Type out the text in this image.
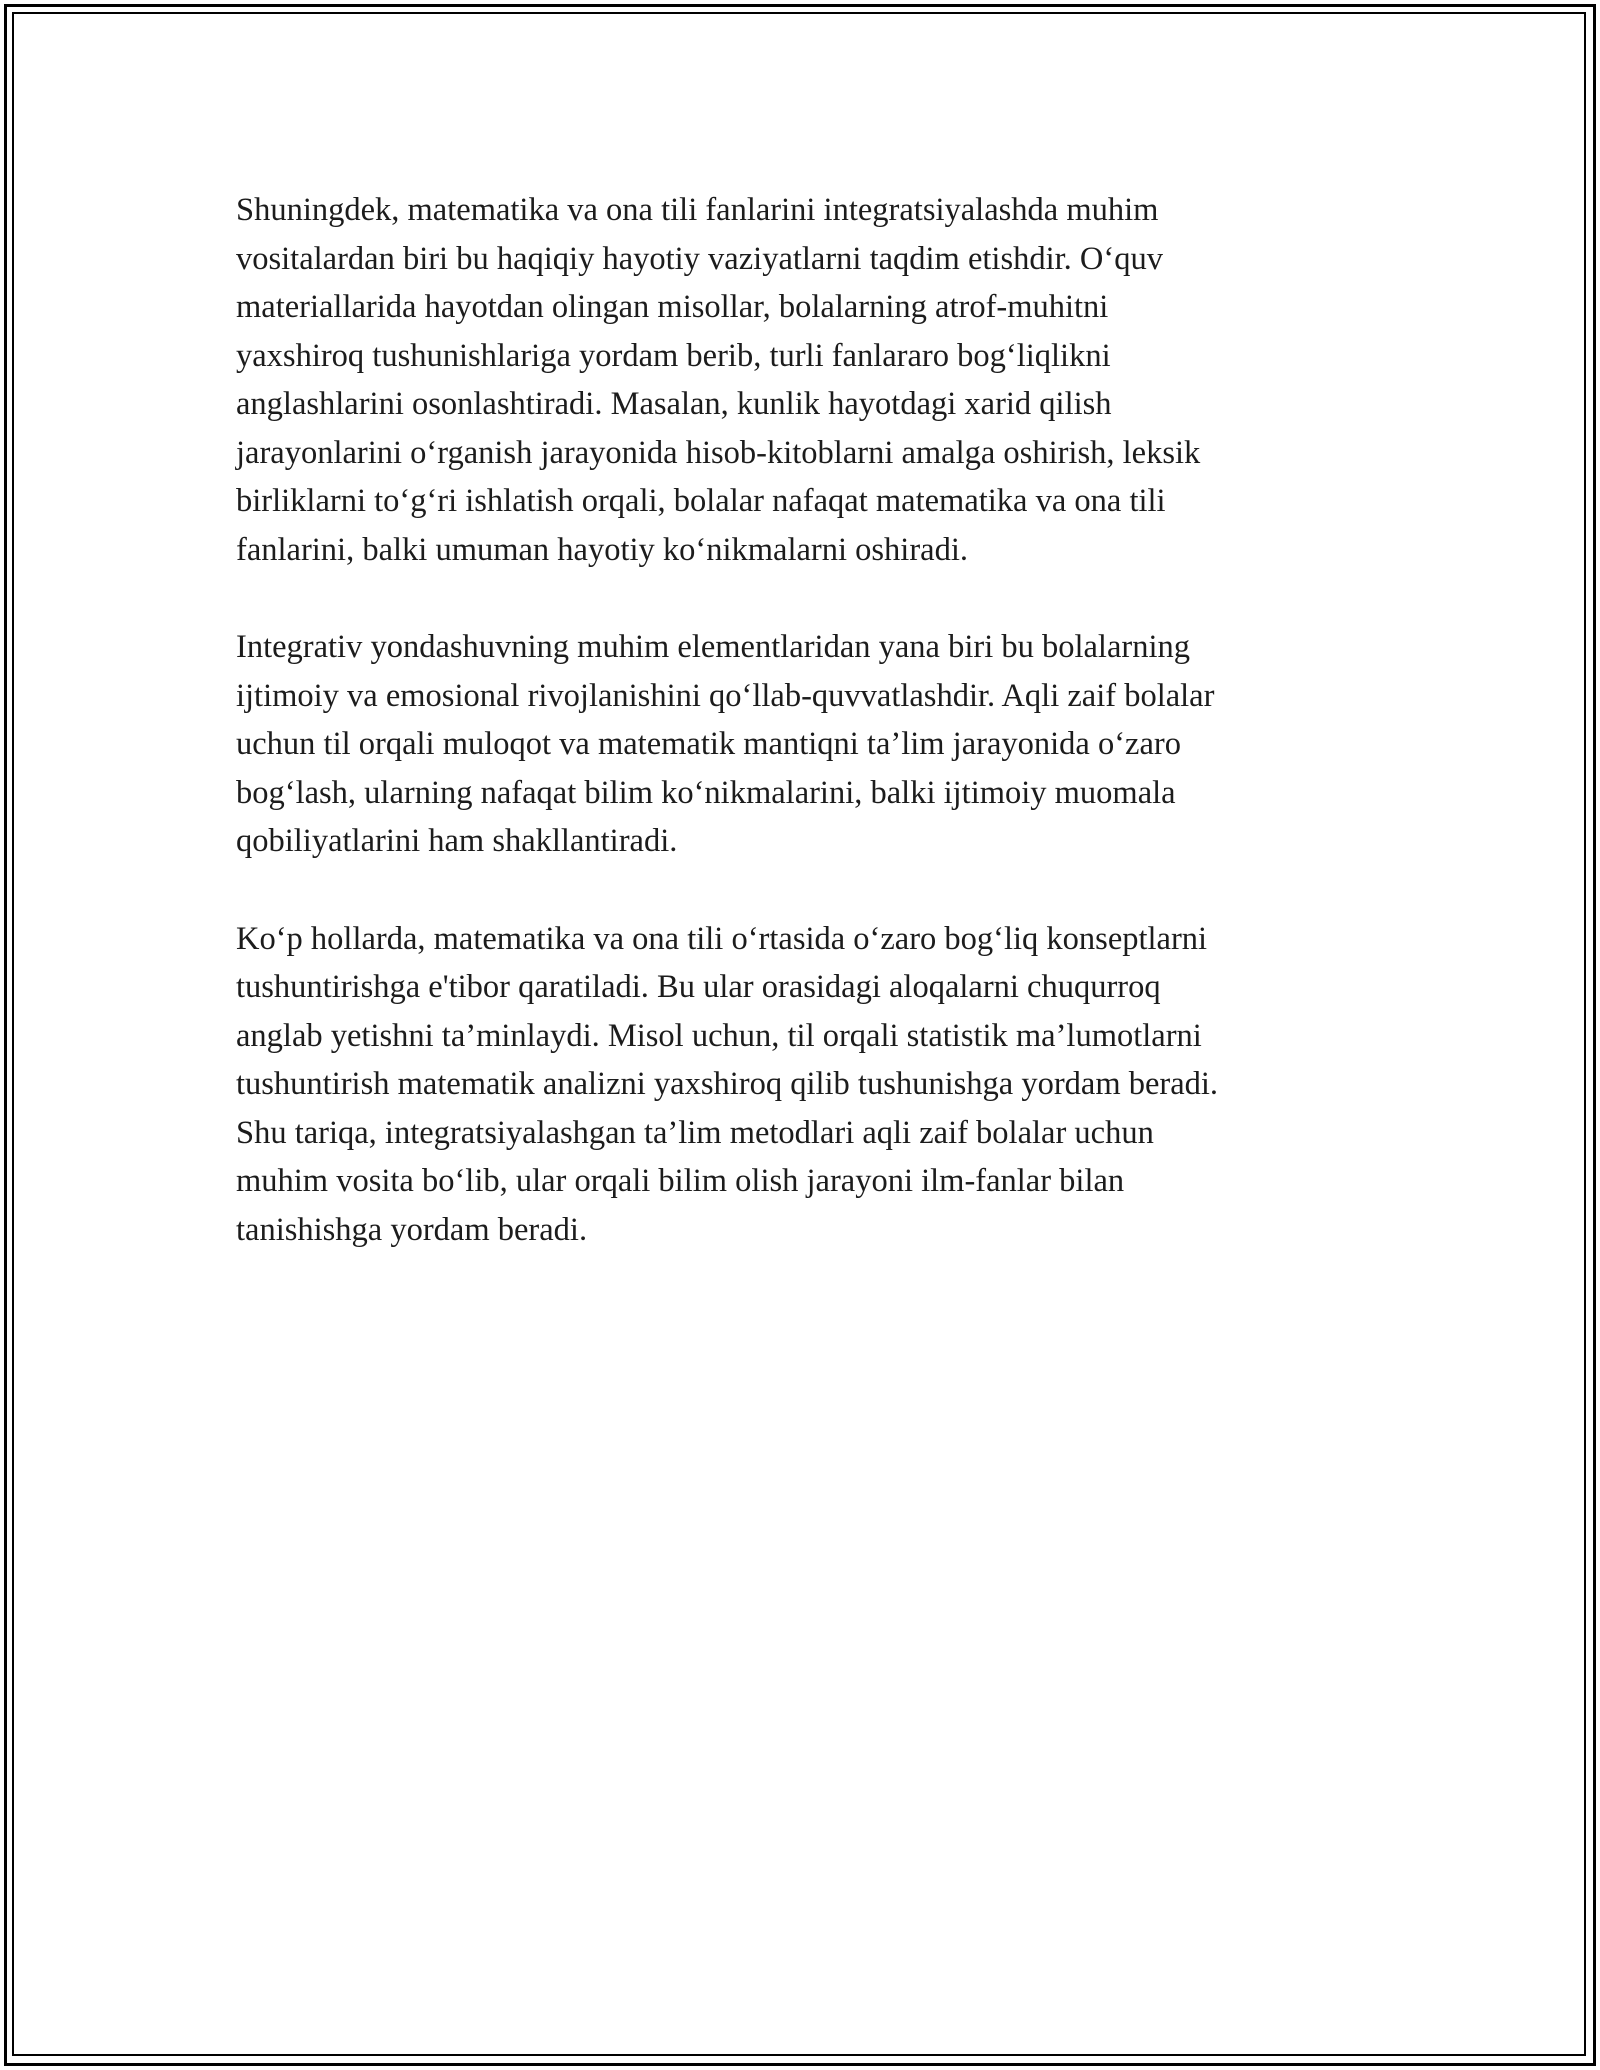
Shuningdek, matematika va ona tili fanlarini integratsiyalashda muhim
vositalardan biri bu haqiqiy hayotiy vaziyatlarni taqdim etishdir. O‘quv
materiallarida hayotdan olingan misollar, bolalarning atrof-muhitni
yaxshiroq tushunishlariga yordam berib, turli fanlararo bog‘liqlikni
anglashlarini osonlashtiradi. Masalan, kunlik hayotdagi xarid qilish
jarayonlarini o‘rganish jarayonida hisob-kitoblarni amalga oshirish, leksik
birliklarni to‘g‘ri ishlatish orqali, bolalar nafaqat matematika va ona tili
fanlarini, balki umuman hayotiy ko‘nikmalarni oshiradi.

Integrativ yondashuvning muhim elementlaridan yana biri bu bolalarning
ijtimoiy va emosional rivojlanishini qo‘llab-quvvatlashdir. Aqli zaif bolalar
uchun til orqali muloqot va matematik mantiqni ta’lim jarayonida o‘zaro
bog‘lash, ularning nafaqat bilim ko‘nikmalarini, balki ijtimoiy muomala
qobiliyatlarini ham shakllantiradi.

Ko‘p hollarda, matematika va ona tili o‘rtasida o‘zaro bog‘liq konseptlarni
tushuntirishga e'tibor qaratiladi. Bu ular orasidagi aloqalarni chuqurroq
anglab yetishni ta’minlaydi. Misol uchun, til orqali statistik ma’lumotlarni
tushuntirish matematik analizni yaxshiroq qilib tushunishga yordam beradi.
Shu tariqa, integratsiyalashgan ta’lim metodlari aqli zaif bolalar uchun
muhim vosita bo‘lib, ular orqali bilim olish jarayoni ilm-fanlar bilan
tanishishga yordam beradi.
